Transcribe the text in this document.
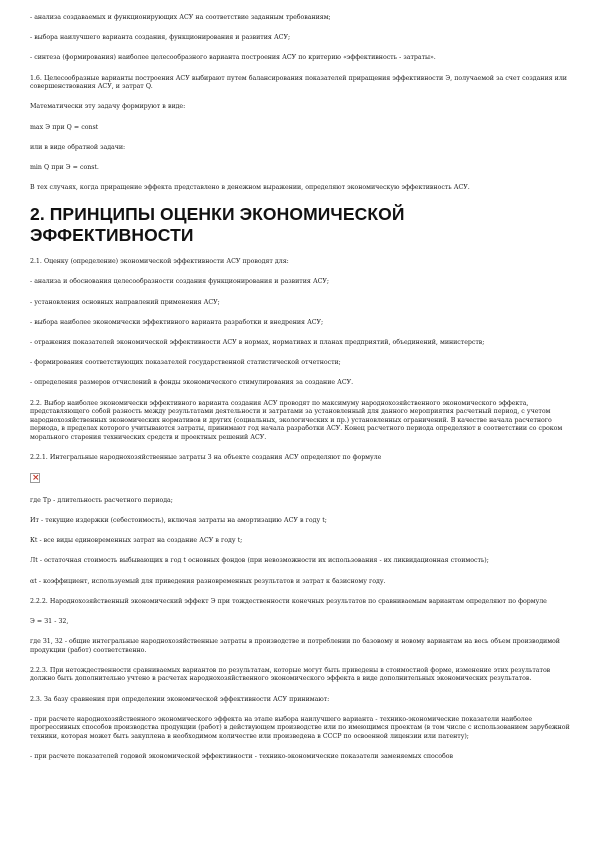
- анализа создаваемых и функционирующих АСУ на соответствие заданным требованиям;

- выбора наилучшего варианта создания, функционирования и развития АСУ;

- синтеза (формирования) наиболее целесообразного варианта построения АСУ по критерию «эффективность - затраты».

1.6. Целесообразные варианты построения АСУ выбирают путем балансирования показателей приращения эффективности Э, получаемой за счет создания или совершенствования АСУ, и затрат Q.

Математически эту задачу формируют в виде:

max Э при Q = const

или в виде обратной задачи:

min Q при Э = const.

В тех случаях, когда приращение эффекта представлено в денежном выражении, определяют экономическую эффективность АСУ.

2. ПРИНЦИПЫ ОЦЕНКИ ЭКОНОМИЧЕСКОЙ ЭФФЕКТИВНОСТИ

2.1. Оценку (определение) экономической эффективности АСУ проводят для:

- анализа и обоснования целесообразности создания функционирования и развития АСУ;

- установления основных направлений применения АСУ;

- выбора наиболее экономически эффективного варианта разработки и внедрения АСУ;

- отражения показателей экономической эффективности АСУ в нормах, нормативах и планах предприятий, объединений, министерств;

- формирования соответствующих показателей государственной статистической отчетности;

- определения размеров отчислений в фонды экономического стимулирования за создание АСУ.

2.2. Выбор наиболее экономически эффективного варианта создания АСУ проводят по максимуму народнохозяйственного экономического эффекта, представляющего собой разность между результатами деятельности и затратами за установленный для данного мероприятия расчетный период, с учетом народнохозяйственных экономических нормативов и других (социальных, экологических и пр.) установленных ограничений. В качестве начала расчетного периода, в пределах которого учитываются затраты, принимают год начала разработки АСУ. Конец расчетного периода определяют в соответствии со сроком морального старения технических средств и проектных решений АСУ.

2.2.1. Интегральные народнохозяйственные затраты З на объекте создания АСУ определяют по формуле

×

где Тр - длительность расчетного периода;

Ит - текущие издержки (себестоимость), включая затраты на амортизацию АСУ в году t;

Кt - все виды единовременных затрат на создание АСУ в году t;

Лt - остаточная стоимость выбывающих в год t основных фондов (при невозможности их использования - их ликвидационная стоимость);

αt - коэффициент, используемый для приведения разновременных результатов и затрат к базисному году.

2.2.2. Народнохозяйственный экономический эффект Э при тождественности конечных результатов по сравниваемым вариантам определяют по формуле

Э = З1 - З2,

где З1, З2 - общие интегральные народнохозяйственные затраты в производстве и потреблении по базовому и новому вариантам на весь объем производимой продукции (работ) соответственно.

2.2.3. При нетождественности сравниваемых вариантов по результатам, которые могут быть приведены в стоимостной форме, изменение этих результатов должно быть дополнительно учтено в расчетах народнохозяйственного экономического эффекта в виде дополнительных экономических результатов.

2.3. За базу сравнения при определении экономической эффективности АСУ принимают:

- при расчете народнохозяйственного экономического эффекта на этапе выбора наилучшего варианта - технико-экономические показатели наиболее прогрессивных способов производства продукции (работ) в действующем производстве или по имеющимся проектам (в том числе с использованием зарубежной техники, которая может быть закуплена в необходимом количестве или произведена в СССР по освоенной лицензии или патенту);

- при расчете показателей годовой экономической эффективности - технико-экономические показатели заменяемых способов
